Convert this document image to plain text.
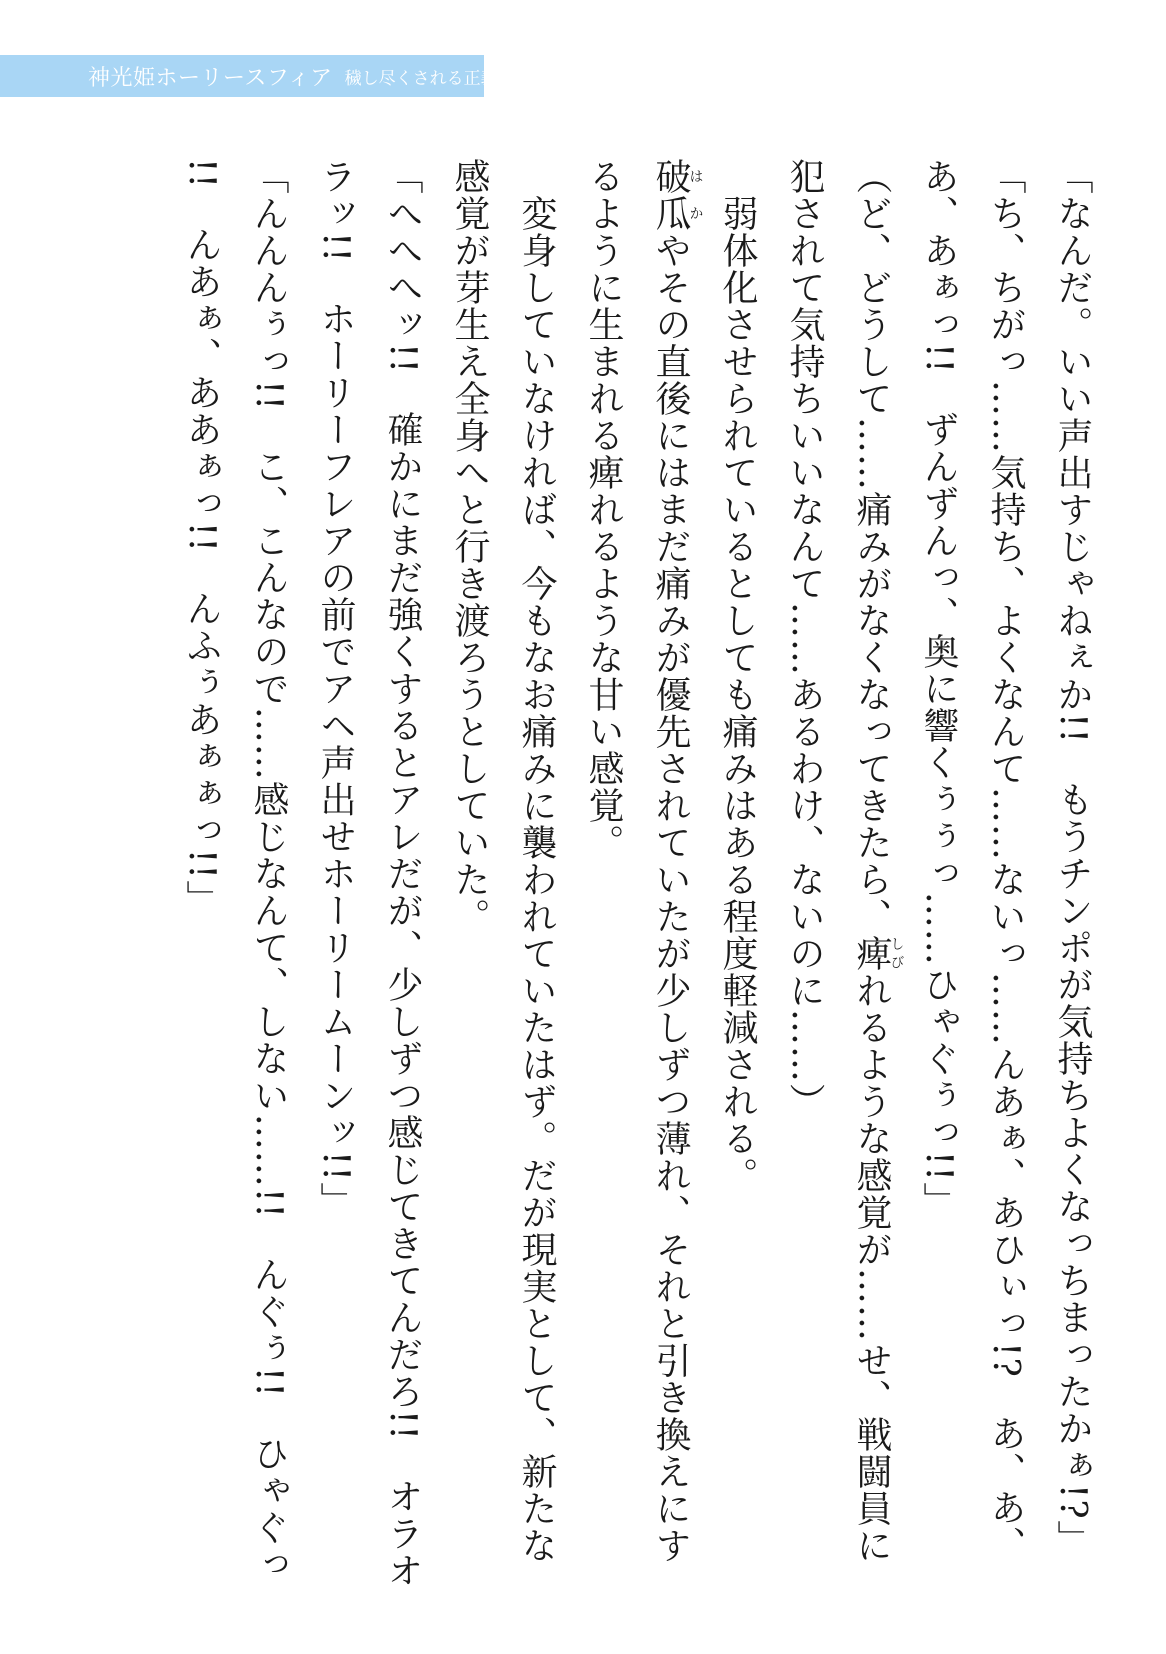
神光姫ホーリースフィア 穢し尽くされる正義

「なんだ。いい声出すじゃねぇか!!　もうチンポが気持ちよくなっちまったかぁ!?」

「ち、ちがっ……気持ち、よくなんて……ないっ……んあぁ、あひぃっ!?　あ、あ、あ、あぁっ!!　ずんずんっ、奥に響くぅぅっ……ひゃぐぅっ!!」

（ど、どうして……痛みがなくなってきたら、痺しびれるような感覚が……せ、戦闘員に犯されて気持ちいいなんて……あるわけ、ないのに……）

　弱体化させられているとしても痛みはある程度軽減される。

破瓜はかやその直後にはまだ痛みが優先されていたが少しずつ薄れ、それと引き換えにするように生まれる痺れるような甘い感覚。

　変身していなければ、今もなお痛みに襲われていたはず。だが現実として、新たな感覚が芽生え全身へと行き渡ろうとしていた。

「へへへッ!!　確かにまだ強くするとアレだが、少しずつ感じてきてんだろ!!　オラオラッ!!　ホーリーフレアの前でアヘ声出せホーリームーンッ!!」

「んんんぅっ!!　こ、こんなので……感じなんて、しない……!!　んぐぅ!!　ひゃぐっ!!　んあぁ、ああぁっ!!　んふぅあぁぁっ!!」
